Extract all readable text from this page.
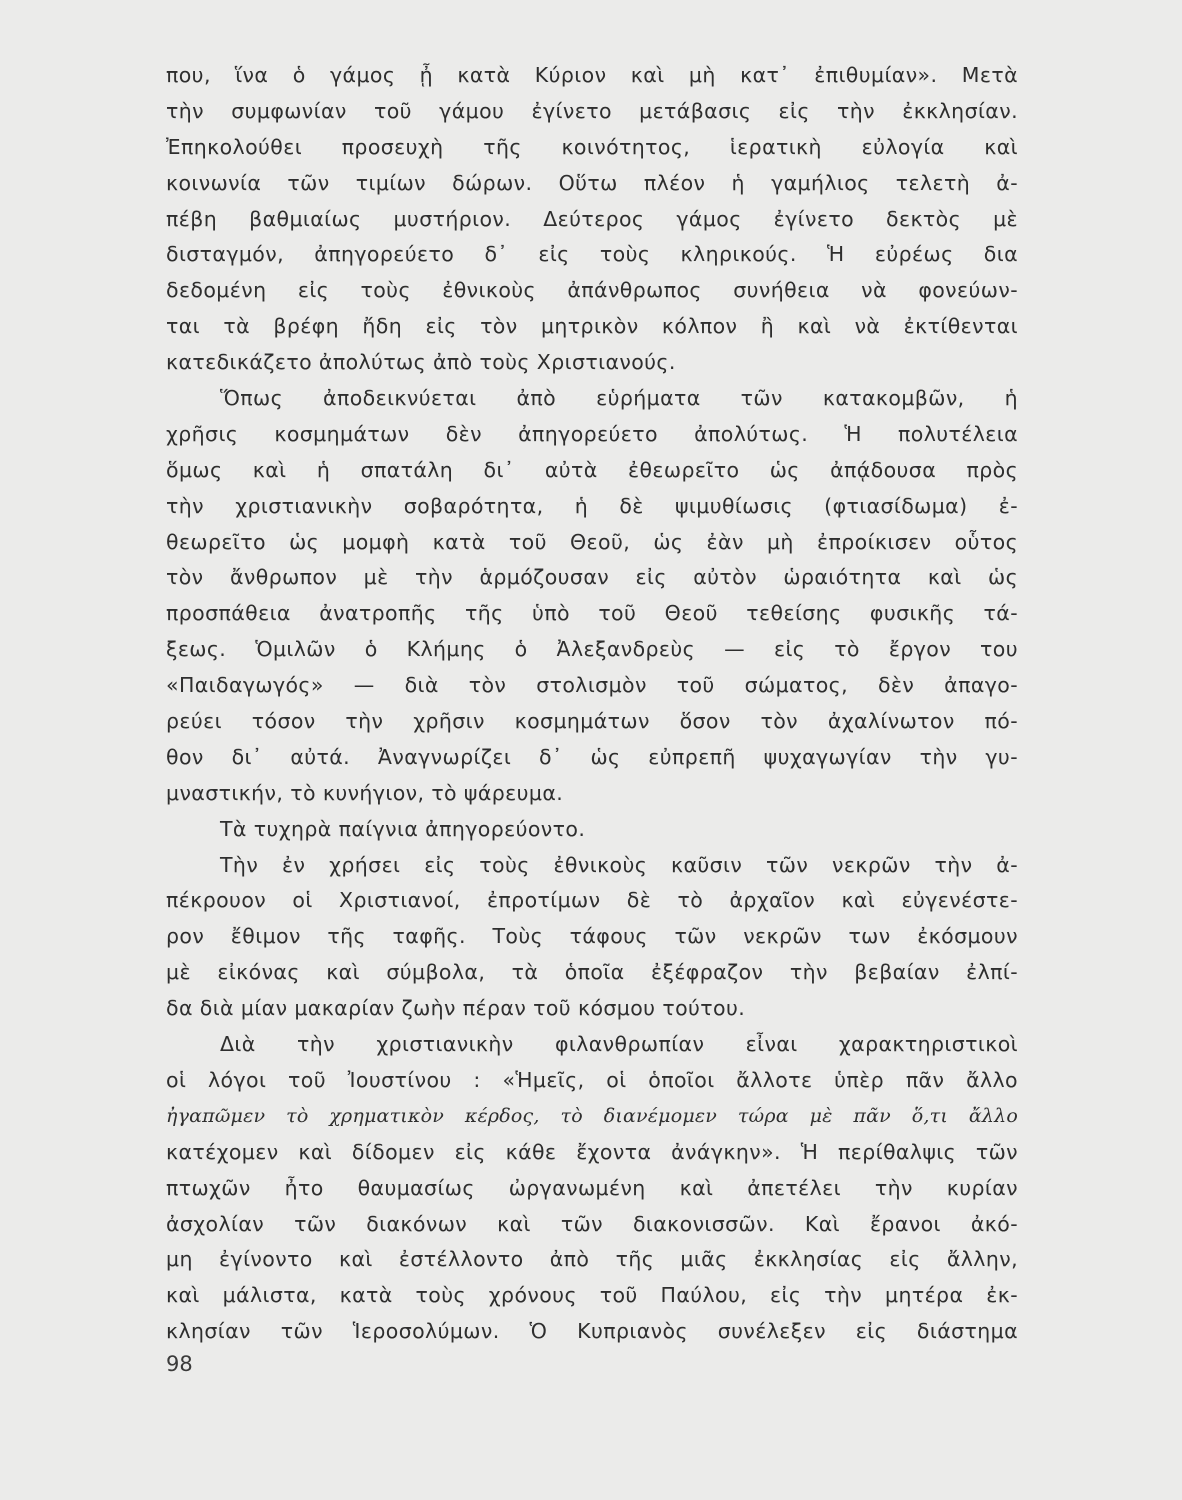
που, ἵνα ὁ γάμος ᾖ κατὰ Κύριον καὶ μὴ κατ᾿ ἐπιθυμίαν». Μετὰ
τὴν συμφωνίαν τοῦ γάμου ἐγίνετο μετάβασις εἰς τὴν ἐκκλησίαν.
Ἐπηκολούθει προσευχὴ τῆς κοινότητος, ἱερατικὴ εὐλογία καὶ
κοινωνία τῶν τιμίων δώρων. Οὕτω πλέον ἡ γαμήλιος τελετὴ ἀ-
πέβη βαθμιαίως μυστήριον. Δεύτερος γάμος ἐγίνετο δεκτὸς μὲ
δισταγμόν, ἀπηγορεύετο δ᾿ εἰς τοὺς κληρικούς. Ἡ εὐρέως δια
δεδομένη εἰς τοὺς ἐθνικοὺς ἀπάνθρωπος συνήθεια νὰ φονεύων-
ται τὰ βρέφη ἤδη εἰς τὸν μητρικὸν κόλπον ἢ καὶ νὰ ἐκτίθενται
κατεδικάζετο ἀπολύτως ἀπὸ τοὺς Χριστιανούς.
Ὅπως ἀποδεικνύεται ἀπὸ εὑρήματα τῶν κατακομβῶν, ἡ
χρῆσις κοσμημάτων δὲν ἀπηγορεύετο ἀπολύτως. Ἡ πολυτέλεια
ὅμως καὶ ἡ σπατάλη δι᾿ αὐτὰ ἐθεωρεῖτο ὡς ἀπᾴδουσα πρὸς
τὴν χριστιανικὴν σοβαρότητα, ἡ δὲ ψιμυθίωσις (φτιασίδωμα) ἐ-
θεωρεῖτο ὡς μομφὴ κατὰ τοῦ Θεοῦ, ὡς ἐὰν μὴ ἐπροίκισεν οὗτος
τὸν ἄνθρωπον μὲ τὴν ἁρμόζουσαν εἰς αὐτὸν ὡραιότητα καὶ ὡς
προσπάθεια ἀνατροπῆς τῆς ὑπὸ τοῦ Θεοῦ τεθείσης φυσικῆς τά-
ξεως. Ὁμιλῶν ὁ Κλήμης ὁ Ἀλεξανδρεὺς — εἰς τὸ ἔργον του
«Παιδαγωγός» — διὰ τὸν στολισμὸν τοῦ σώματος, δὲν ἀπαγο-
ρεύει τόσον τὴν χρῆσιν κοσμημάτων ὅσον τὸν ἀχαλίνωτον πό-
θον δι᾿ αὐτά. Ἀναγνωρίζει δ᾿ ὡς εὐπρεπῆ ψυχαγωγίαν τὴν γυ-
μναστικήν, τὸ κυνήγιον, τὸ ψάρευμα.
Τὰ τυχηρὰ παίγνια ἀπηγορεύοντο.
Τὴν ἐν χρήσει εἰς τοὺς ἐθνικοὺς καῦσιν τῶν νεκρῶν τὴν ἀ-
πέκρουον οἱ Χριστιανοί, ἐπροτίμων δὲ τὸ ἀρχαῖον καὶ εὐγενέστε-
ρον ἔθιμον τῆς ταφῆς. Τοὺς τάφους τῶν νεκρῶν των ἐκόσμουν
μὲ εἰκόνας καὶ σύμβολα, τὰ ὁποῖα ἐξέφραζον τὴν βεβαίαν ἐλπί-
δα διὰ μίαν μακαρίαν ζωὴν πέραν τοῦ κόσμου τούτου.
Διὰ τὴν χριστιανικὴν φιλανθρωπίαν εἶναι χαρακτηριστικοὶ
οἱ λόγοι τοῦ Ἰουστίνου : «Ἡμεῖς, οἱ ὁποῖοι ἄλλοτε ὑπὲρ πᾶν ἄλλο
ἠγαπῶμεν τὸ χρηματικὸν κέρδος, τὸ διανέμομεν τώρα μὲ πᾶν ὅ,τι ἄλλο
κατέχομεν καὶ δίδομεν εἰς κάθε ἔχοντα ἀνάγκην». Ἡ περίθαλψις τῶν
πτωχῶν ἦτο θαυμασίως ὠργανωμένη καὶ ἀπετέλει τὴν κυρίαν
ἀσχολίαν τῶν διακόνων καὶ τῶν διακονισσῶν. Καὶ ἔρανοι ἀκό-
μη ἐγίνοντο καὶ ἐστέλλοντο ἀπὸ τῆς μιᾶς ἐκκλησίας εἰς ἄλλην,
καὶ μάλιστα, κατὰ τοὺς χρόνους τοῦ Παύλου, εἰς τὴν μητέρα ἐκ-
κλησίαν τῶν Ἱεροσολύμων. Ὁ Κυπριανὸς συνέλεξεν εἰς διάστημα
98
